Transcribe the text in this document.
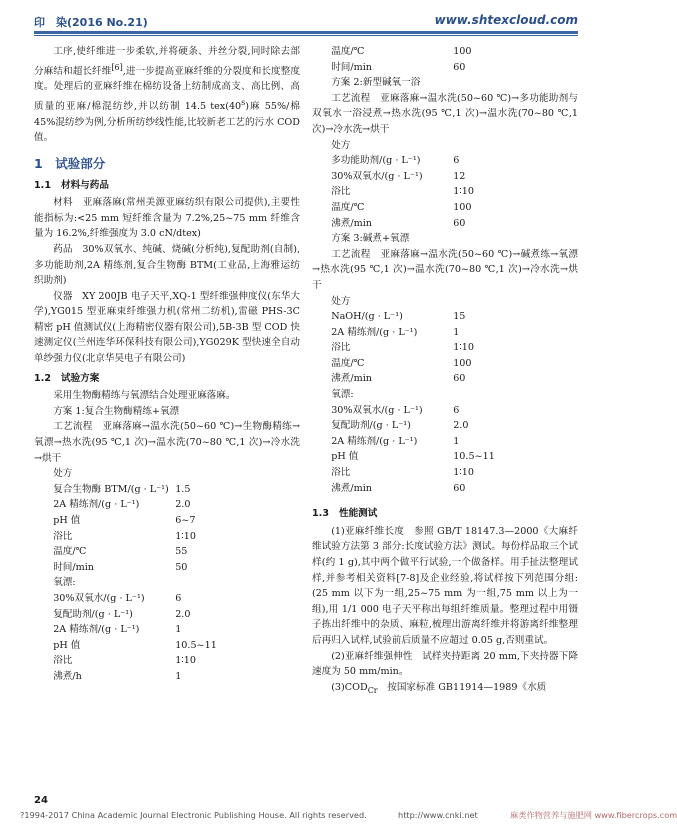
印　染(2016 No.21)	www.shtexcloud.com

工序,使纤维进一步柔软,并将硬条、并丝分裂,同时除去部分麻结和超长纤维[6],进一步提高亚麻纤维的分裂度和长度整度度。处理后的亚麻纤维在棉纺设备上纺制成高支、高比例、高质量的亚麻/棉混纺纱,并以纺制 14.5 tex(40$^s$)麻 55%/棉 45%混纺纱为例,分析所纺纱线性能,比较新老工艺的污水 COD 值。

1　 试验部分
1.1 材料与药品

材料　亚麻落麻(常州美源亚麻纺织有限公司提供),主要性能指标为:<25 mm 短纤维含量为 7.2%,25~75 mm 纤维含量为 16.2%,纤维强度为 3.0 cN/dtex)

药品　30%双氧水、纯碱、烧碱(分析纯),复配助剂(自制),多功能助剂,2A 精练剂,复合生物酶 BTM(工业品,上海雅运纺织助剂)

仪器　XY 200JB 电子天平,XQ-1 型纤维强伸度仪(东华大学),YG015 型亚麻束纤维强力机(常州二纺机),雷磁 PHS-3C 精密 pH 值测试仪(上海精密仪器有限公司),5B-3B 型 COD 快速测定仪(兰州连华环保科技有限公司),YG029K 型快速全自动单纱强力仪(北京华昊电子有限公司)

1.2 试验方案

采用生物酶精练与氧漂结合处理亚麻落麻。

方案 1:复合生物酶精练+氧漂

工艺流程　亚麻落麻→温水洗(50~60 ℃)→生物酶精练→氧漂→热水洗(95 ℃,1 次)→温水洗(70~80 ℃,1 次)→冷水洗→烘干

处方

复合生物酶 BTM/(g · L⁻¹) 1.5
2A 精练剂/(g · L⁻¹)	2.0
pH 值	6~7
浴比	1∶10
温度/℃	55
时间/min	50

氧漂:

30%双氧水/(g · L⁻¹)	6
复配助剂/(g · L⁻¹)	2.0
2A 精练剂/(g · L⁻¹)	1
pH 值	10.5~11
浴比	1∶10
沸煮/h	1
温度/℃	100
时间/min	60

方案 2:新型碱氧一浴

工艺流程　亚麻落麻→温水洗(50~60 ℃)→多功能助剂与双氧水一浴浸煮→热水洗(95 ℃,1 次)→温水洗(70~80 ℃,1 次)→冷水洗→烘干

处方

多功能助剂/(g · L⁻¹)	6
30%双氧水/(g · L⁻¹)	12
浴比	1∶10
温度/℃	100
沸煮/min	60

方案 3:碱煮+氧漂

工艺流程　亚麻落麻→温水洗(50~60 ℃)→碱煮练→氧漂→热水洗(95 ℃,1 次)→温水洗(70~80 ℃,1 次)→冷水洗→烘干

处方

NaOH/(g · L⁻¹)	15
2A 精练剂/(g · L⁻¹)	1
浴比	1∶10
温度/℃	100
沸煮/min	60

氧漂:

30%双氧水/(g · L⁻¹)	6
复配助剂/(g · L⁻¹)	2.0
2A 精练剂/(g · L⁻¹)	1
pH 值	10.5~11
浴比	1∶10
沸煮/min	60
1.3 性能测试

(1)亚麻纤维长度　参照 GB/T 18147.3—2000《大麻纤维试验方法第 3 部分:长度试验方法》测试。每份样品取三个试样(约 1 g),其中两个做平行试验,一个做备样。用手扯法整理试样,并参考相关资料[7-8]及企业经验,将试样按下列范围分组:(25 mm 以下为一组,25~75 mm 为一组,75 mm 以上为一组),用 1/1 000 电子天平称出每组纤维质量。整理过程中用镊子拣出纤维中的杂质、麻粒,梳理出游离纤维并将游离纤维整理后再归入试样,试验前后质量不应超过 0.05 g,否则重试。

(2)亚麻纤维强伸性　试样夹持距离 20 mm,下夹持器下降速度为 50 mm/min。

$(3)COD_{Cr}$　按国家标准 GB11914—1989《水质

24
?1994-2017 China Academic Journal Electronic Publishing House. All rights reserved.	http://www.cnki.net	麻类作物营养与施肥网 www.fibercrops.com
